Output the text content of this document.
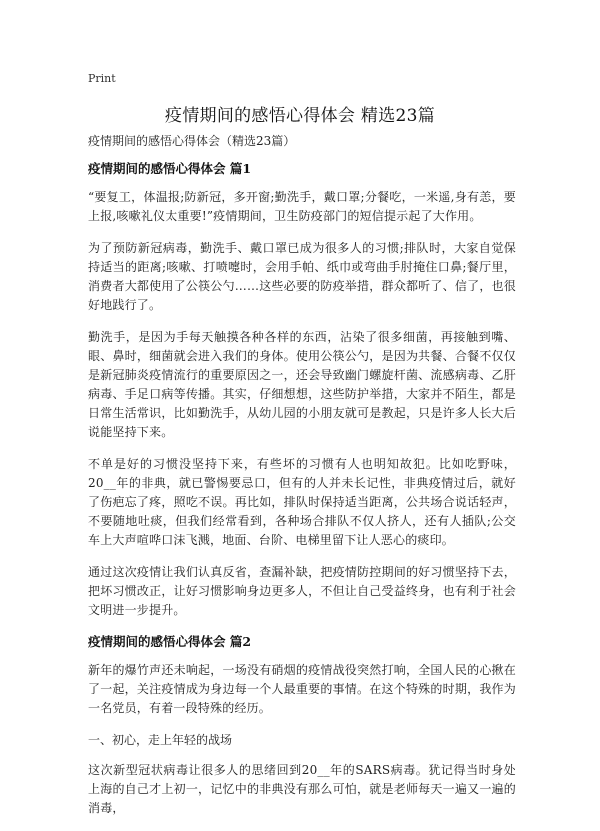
Print
疫情期间的感悟心得体会 精选23篇

疫情期间的感悟心得体会（精选23篇）

疫情期间的感悟心得体会 篇1

“要复工，体温报;防新冠，多开窗;勤洗手，戴口罩;分餐吃，一米遥,身有恙，要上报,咳嗽礼仪太重要!”疫情期间，卫生防疫部门的短信提示起了大作用。

为了预防新冠病毒，勤洗手、戴口罩已成为很多人的习惯;排队时，大家自觉保持适当的距离;咳嗽、打喷嚏时，会用手帕、纸巾或弯曲手肘掩住口鼻;餐厅里，消费者大都使用了公筷公勺……这些必要的防疫举措，群众都听了、信了，也很好地践行了。

勤洗手，是因为手每天触摸各种各样的东西，沾染了很多细菌，再接触到嘴、眼、鼻时，细菌就会进入我们的身体。使用公筷公勺，是因为共餐、合餐不仅仅是新冠肺炎疫情流行的重要原因之一，还会导致幽门螺旋杆菌、流感病毒、乙肝病毒、手足口病等传播。其实，仔细想想，这些防护举措，大家并不陌生，都是日常生活常识，比如勤洗手，从幼儿园的小朋友就可是教起，只是许多人长大后说能坚持下来。

不单是好的习惯没坚持下来，有些坏的习惯有人也明知故犯。比如吃野味，20__年的非典，就已警惕要忌口，但有的人并未长记性，非典疫情过后，就好了伤疤忘了疼，照吃不误。再比如，排队时保持适当距离，公共场合说话轻声，不要随地吐痰，但我们经常看到，各种场合排队不仅人挤人，还有人插队;公交车上大声喧哗口沫飞溅，地面、台阶、电梯里留下让人恶心的痰印。

通过这次疫情让我们认真反省，查漏补缺，把疫情防控期间的好习惯坚持下去，把坏习惯改正，让好习惯影响身边更多人，不但让自己受益终身，也有利于社会文明进一步提升。

疫情期间的感悟心得体会 篇2

新年的爆竹声还未响起，一场没有硝烟的疫情战役突然打响，全国人民的心揪在了一起，关注疫情成为身边每一个人最重要的事情。在这个特殊的时期，我作为一名党员，有着一段特殊的经历。

一、初心，走上年轻的战场

这次新型冠状病毒让很多人的思绪回到20__年的SARS病毒。犹记得当时身处上海的自己才上初一，记忆中的非典没有那么可怕，就是老师每天一遍又一遍的消毒，
